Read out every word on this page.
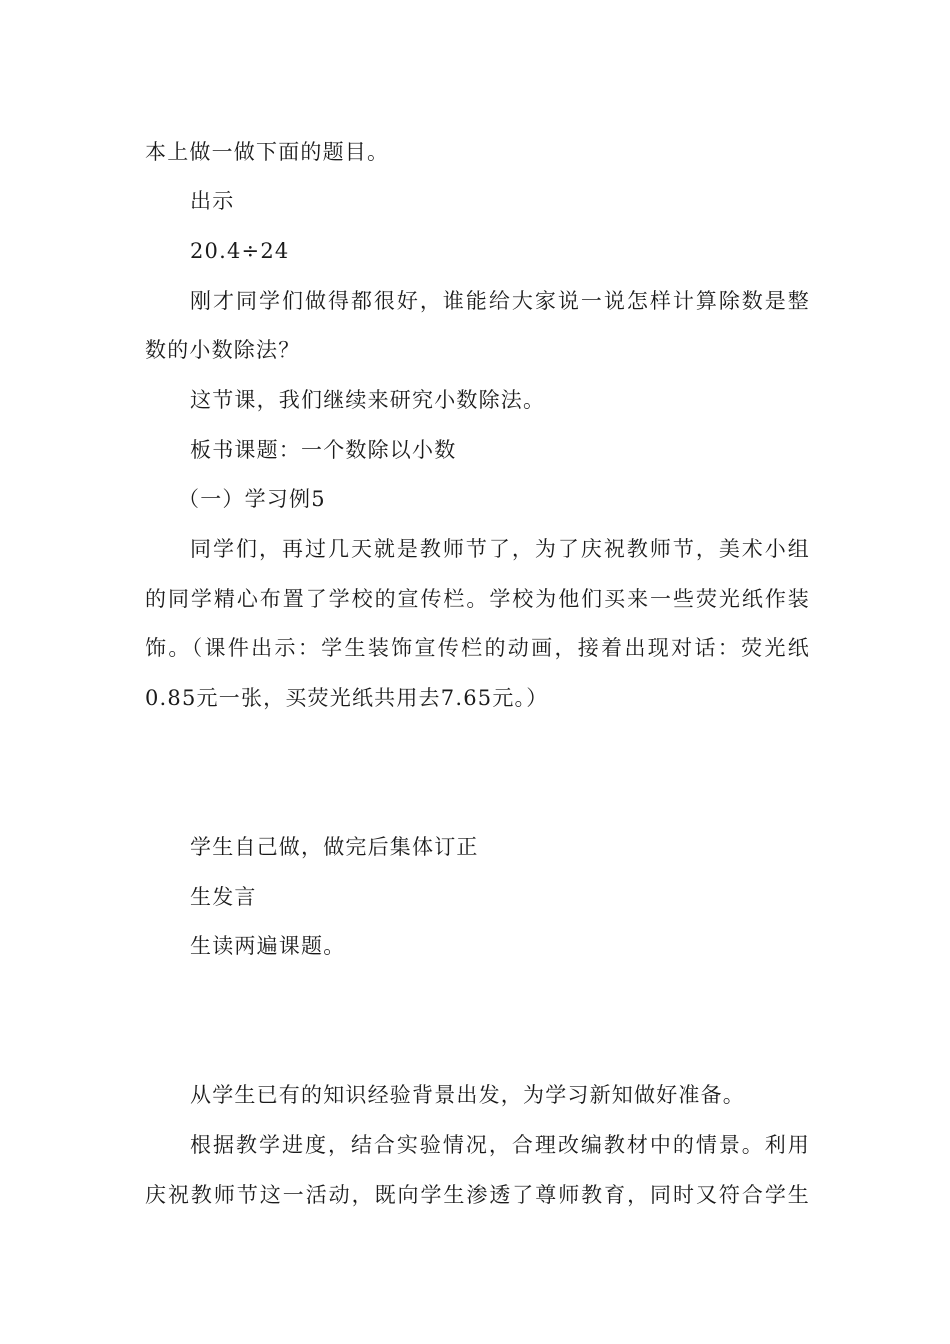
本上做一做下面的题目。
出示
20.4÷24
刚才同学们做得都很好，谁能给大家说一说怎样计算除数是整
数的小数除法？
这节课，我们继续来研究小数除法。
板书课题：一个数除以小数
（一）学习例5
同学们，再过几天就是教师节了，为了庆祝教师节，美术小组
的同学精心布置了学校的宣传栏。学校为他们买来一些荧光纸作装
饰。（课件出示：学生装饰宣传栏的动画，接着出现对话：荧光纸
0.85元一张，买荧光纸共用去7.65元。）
学生自己做，做完后集体订正
生发言
生读两遍课题。
从学生已有的知识经验背景出发，为学习新知做好准备。
根据教学进度，结合实验情况，合理改编教材中的情景。利用
庆祝教师节这一活动，既向学生渗透了尊师教育，同时又符合学生
